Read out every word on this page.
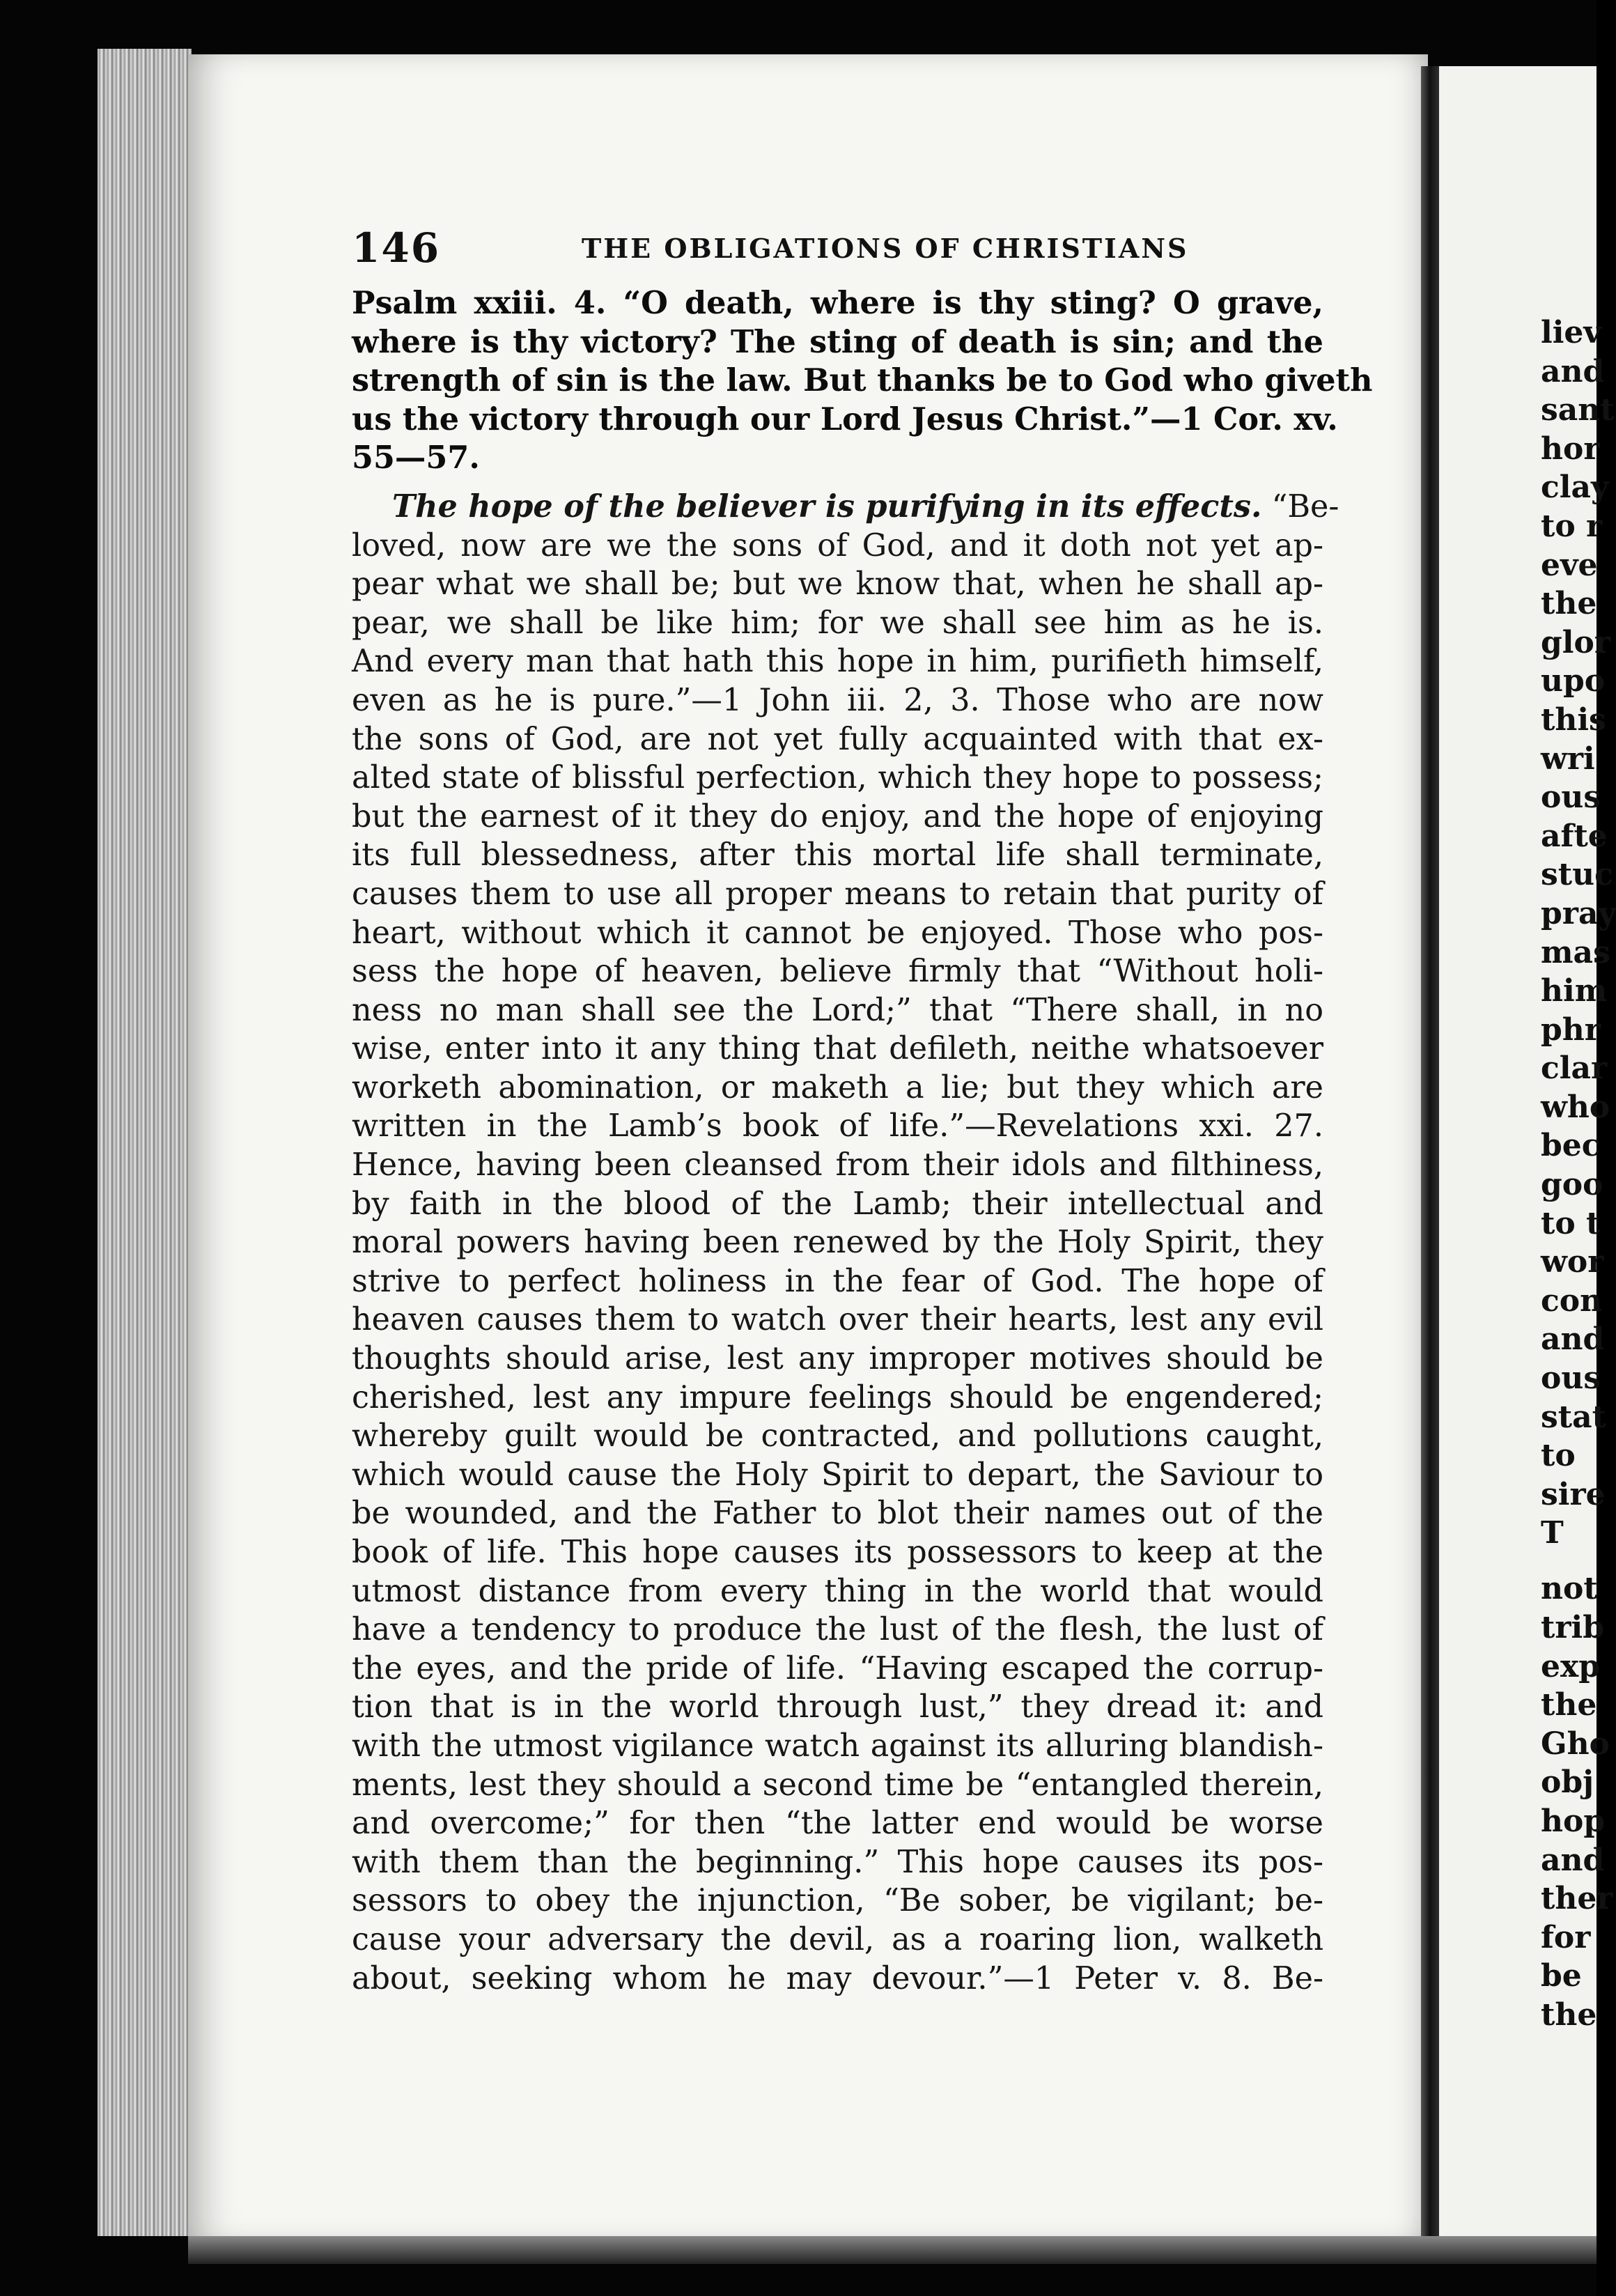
146	THE OBLIGATIONS OF CHRISTIANS
Psalm xxiii. 4. “O death, where is thy sting? O grave,
where is thy victory? The sting of death is sin; and the
strength of sin is the law. But thanks be to God who giveth
us the victory through our Lord Jesus Christ.”—1 Cor. xv.
55—57.
The hope of the believer is purifying in its effects. “Be-
loved, now are we the sons of God, and it doth not yet ap-
pear what we shall be; but we know that, when he shall ap-
pear, we shall be like him; for we shall see him as he is.
And every man that hath this hope in him, purifieth himself,
even as he is pure.”—1 John iii. 2, 3. Those who are now
the sons of God, are not yet fully acquainted with that ex-
alted state of blissful perfection, which they hope to possess;
but the earnest of it they do enjoy, and the hope of enjoying
its full blessedness, after this mortal life shall terminate,
causes them to use all proper means to retain that purity of
heart, without which it cannot be enjoyed. Those who pos-
sess the hope of heaven, believe firmly that “Without holi-
ness no man shall see the Lord;” that “There shall, in no
wise, enter into it any thing that defileth, neithe whatsoever
worketh abomination, or maketh a lie; but they which are
written in the Lamb’s book of life.”—Revelations xxi. 27.
Hence, having been cleansed from their idols and filthiness,
by faith in the blood of the Lamb; their intellectual and
moral powers having been renewed by the Holy Spirit, they
strive to perfect holiness in the fear of God. The hope of
heaven causes them to watch over their hearts, lest any evil
thoughts should arise, lest any improper motives should be
cherished, lest any impure feelings should be engendered;
whereby guilt would be contracted, and pollutions caught,
which would cause the Holy Spirit to depart, the Saviour to
be wounded, and the Father to blot their names out of the
book of life. This hope causes its possessors to keep at the
utmost distance from every thing in the world that would
have a tendency to produce the lust of the flesh, the lust of
the eyes, and the pride of life. “Having escaped the corrup-
tion that is in the world through lust,” they dread it: and
with the utmost vigilance watch against its alluring blandish-
ments, lest they should a second time be “entangled therein,
and overcome;” for then “the latter end would be worse
with them than the beginning.” This hope causes its pos-
sessors to obey the injunction, “Be sober, be vigilant; be-
cause your adversary the devil, as a roaring lion, walketh
about, seeking whom he may devour.”—1 Peter v. 8. Be-
liev
and
sant
hor
clay
to r
eve
the
glor
upo
this
wri
ous
afte
stuc
pray
mas
him
phr
clar
who
bec
goo
to t
wor
con
and
ous
stat
to
sire
T
not
trib
exp
the
Gho
obj
hop
and
ther
for
be
the
